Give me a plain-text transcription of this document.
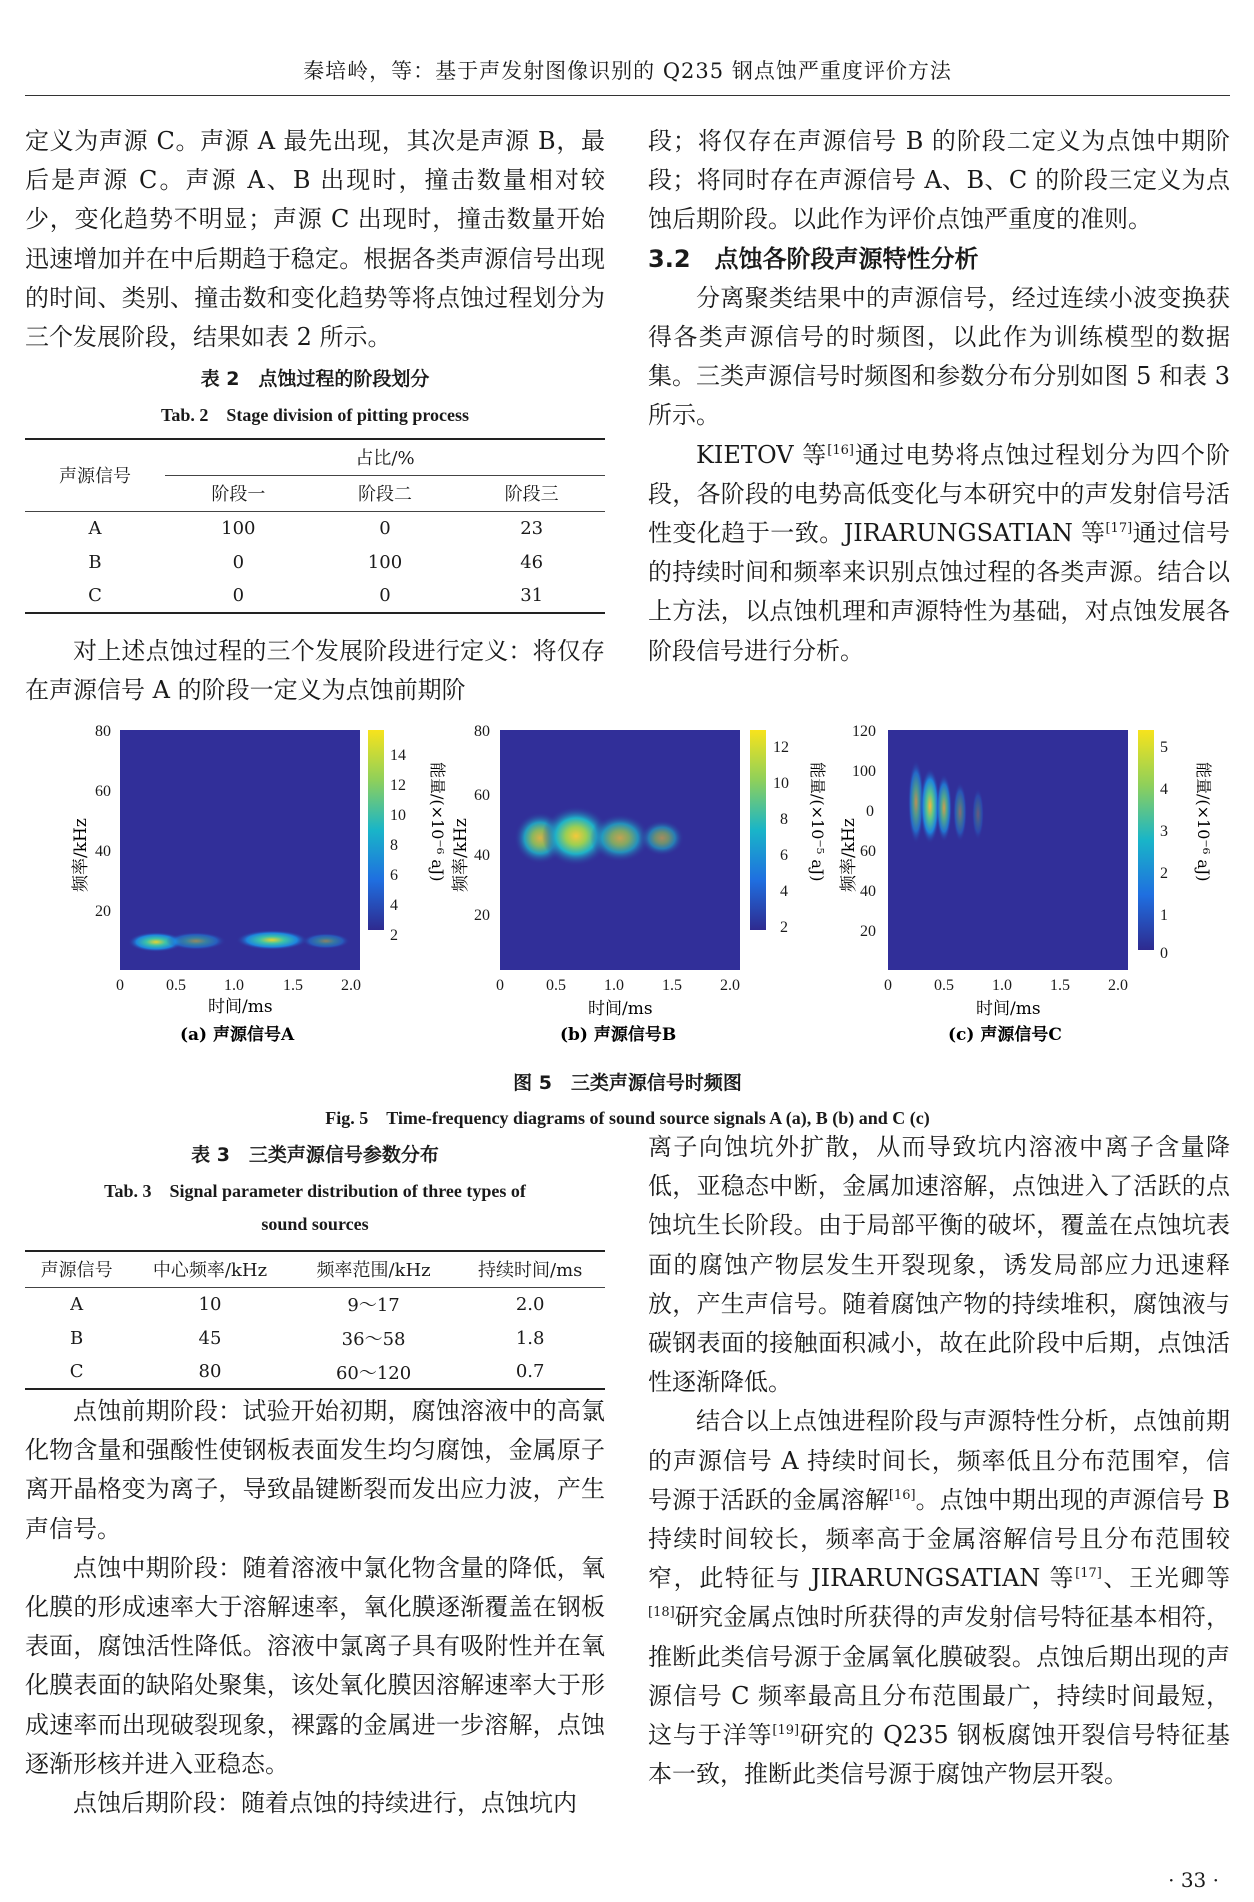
秦培岭，等：基于声发射图像识别的 Q235 钢点蚀严重度评价方法

定义为声源 C。声源 A 最先出现，其次是声源 B，最后是声源 C。声源 A、B 出现时，撞击数量相对较少，变化趋势不明显；声源 C 出现时，撞击数量开始迅速增加并在中后期趋于稳定。根据各类声源信号出现的时间、类别、撞击数和变化趋势等将点蚀过程划分为三个发展阶段，结果如表 2 所示。

表 2　点蚀过程的阶段划分
Tab. 2　Stage division of pitting process
声源信号	占比/%		
	阶段一	阶段二	阶段三
A	100	0	23
B	0	100	46
C	0	0	31

对上述点蚀过程的三个发展阶段进行定义：将仅存在声源信号 A 的阶段一定义为点蚀前期阶

段；将仅存在声源信号 B 的阶段二定义为点蚀中期阶段；将同时存在声源信号 A、B、C 的阶段三定义为点蚀后期阶段。以此作为评价点蚀严重度的准则。

3.2　点蚀各阶段声源特性分析

分离聚类结果中的声源信号，经过连续小波变换获得各类声源信号的时频图，以此作为训练模型的数据集。三类声源信号时频图和参数分布分别如图 5 和表 3 所示。

KIETOV 等[16]通过电势将点蚀过程划分为四个阶段，各阶段的电势高低变化与本研究中的声发射信号活性变化趋于一致。JIRARUNGSATIAN 等[17]通过信号的持续时间和频率来识别点蚀过程的各类声源。结合以上方法，以点蚀机理和声源特性为基础，对点蚀发展各阶段信号进行分析。

80
60
40
20
0	0.5 1.0 1.5 2.0
14
12
10
8
6
4
2
时间/ms
频率/kHz	能量/(×10⁻⁶ aJ)
(a) 声源信号A
80
60
40
20
0	0.5 1.0 1.5 2.0
12
10
8
6
4
2
时间/ms
频率/kHz	能量/(×10⁻⁵ aJ)
(b) 声源信号B
120
100
0
60
40
20
0	0.5 1.0 1.5 2.0
5
4
3
2
1
0
时间/ms
频率/kHz	能量/(×10⁻⁶ aJ)
(c) 声源信号C
图 5　三类声源信号时频图
Fig. 5　Time-frequency diagrams of sound source signals A (a), B (b) and C (c)
表 3　三类声源信号参数分布
Tab. 3　Signal parameter distribution of three types of
sound sources
声源信号	中心频率/kHz	频率范围/kHz	持续时间/ms
A	10	9～17	2.0
B	45	36～58	1.8
C	80	60～120	0.7

点蚀前期阶段：试验开始初期，腐蚀溶液中的高氯化物含量和强酸性使钢板表面发生均匀腐蚀，金属原子离开晶格变为离子，导致晶键断裂而发出应力波，产生声信号。

点蚀中期阶段：随着溶液中氯化物含量的降低，氧化膜的形成速率大于溶解速率，氧化膜逐渐覆盖在钢板表面，腐蚀活性降低。溶液中氯离子具有吸附性并在氧化膜表面的缺陷处聚集，该处氧化膜因溶解速率大于形成速率而出现破裂现象，裸露的金属进一步溶解，点蚀逐渐形核并进入亚稳态。

点蚀后期阶段：随着点蚀的持续进行，点蚀坑内

离子向蚀坑外扩散，从而导致坑内溶液中离子含量降低，亚稳态中断，金属加速溶解，点蚀进入了活跃的点蚀坑生长阶段。由于局部平衡的破坏，覆盖在点蚀坑表面的腐蚀产物层发生开裂现象，诱发局部应力迅速释放，产生声信号。随着腐蚀产物的持续堆积，腐蚀液与碳钢表面的接触面积减小，故在此阶段中后期，点蚀活性逐渐降低。

结合以上点蚀进程阶段与声源特性分析，点蚀前期的声源信号 A 持续时间长，频率低且分布范围窄，信号源于活跃的金属溶解[16]。点蚀中期出现的声源信号 B 持续时间较长，频率高于金属溶解信号且分布范围较窄，此特征与 JIRARUNGSATIAN 等[17]、王光卿等[18]研究金属点蚀时所获得的声发射信号特征基本相符，推断此类信号源于金属氧化膜破裂。点蚀后期出现的声源信号 C 频率最高且分布范围最广，持续时间最短，这与于洋等[19]研究的 Q235 钢板腐蚀开裂信号特征基本一致，推断此类信号源于腐蚀产物层开裂。

· 33 ·
